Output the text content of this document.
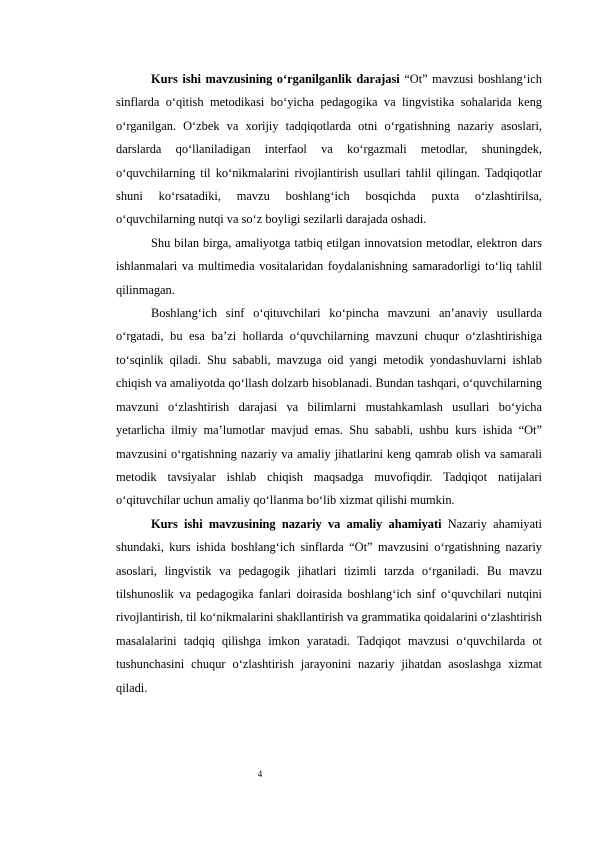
Kurs ishi mavzusining o‘rganilganlik darajasi “Ot” mavzusi boshlang‘ich sinflarda o‘qitish metodikasi bo‘yicha pedagogika va lingvistika sohalarida keng o‘rganilgan. O‘zbek va xorijiy tadqiqotlarda otni o‘rgatishning nazariy asoslari, darslarda qo‘llaniladigan interfaol va ko‘rgazmali metodlar, shuningdek, o‘quvchilarning til ko‘nikmalarini rivojlantirish usullari tahlil qilingan. Tadqiqotlar shuni ko‘rsatadiki, mavzu boshlang‘ich bosqichda puxta o‘zlashtirilsa, o‘quvchilarning nutqi va so‘z boyligi sezilarli darajada oshadi.

Shu bilan birga, amaliyotga tatbiq etilgan innovatsion metodlar, elektron dars ishlanmalari va multimedia vositalaridan foydalanishning samaradorligi to‘liq tahlil qilinmagan.

Boshlang‘ich sinf o‘qituvchilari ko‘pincha mavzuni an’anaviy usullarda o‘rgatadi, bu esa ba’zi hollarda o‘quvchilarning mavzuni chuqur o‘zlashtirishiga to‘sqinlik qiladi. Shu sababli, mavzuga oid yangi metodik yondashuvlarni ishlab chiqish va amaliyotda qo‘llash dolzarb hisoblanadi. Bundan tashqari, o‘quvchilarning mavzuni o‘zlashtirish darajasi va bilimlarni mustahkamlash usullari bo‘yicha yetarlicha ilmiy ma’lumotlar mavjud emas. Shu sababli, ushbu kurs ishida “Ot” mavzusini o‘rgatishning nazariy va amaliy jihatlarini keng qamrab olish va samarali metodik tavsiyalar ishlab chiqish maqsadga muvofiqdir. Tadqiqot natijalari o‘qituvchilar uchun amaliy qo‘llanma bo‘lib xizmat qilishi mumkin.

Kurs ishi mavzusining nazariy va amaliy ahamiyati Nazariy ahamiyati shundaki, kurs ishida boshlang‘ich sinflarda “Ot” mavzusini o‘rgatishning nazariy asoslari, lingvistik va pedagogik jihatlari tizimli tarzda o‘rganiladi. Bu mavzu tilshunoslik va pedagogika fanlari doirasida boshlang‘ich sinf o‘quvchilari nutqini rivojlantirish, til ko‘nikmalarini shakllantirish va grammatika qoidalarini o‘zlashtirish masalalarini tadqiq qilishga imkon yaratadi. Tadqiqot mavzusi o‘quvchilarda ot tushunchasini chuqur o‘zlashtirish jarayonini nazariy jihatdan asoslashga xizmat qiladi.

4
